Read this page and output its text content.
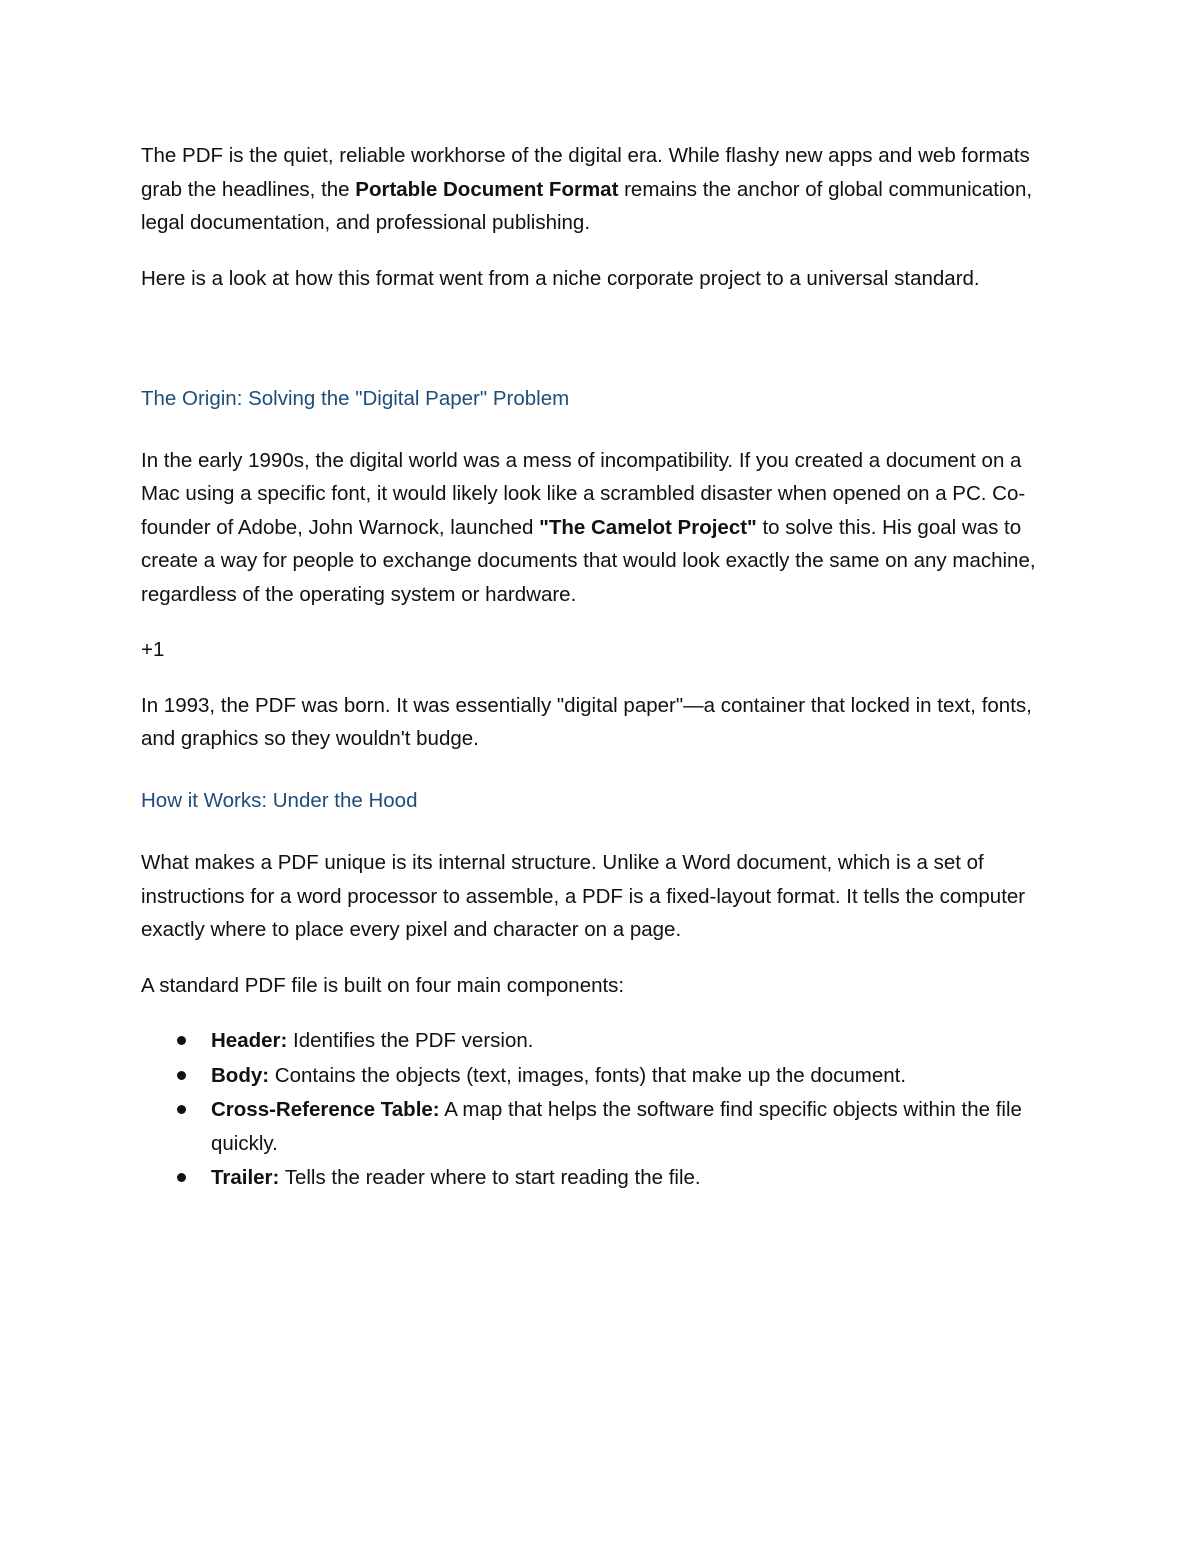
The PDF is the quiet, reliable workhorse of the digital era. While flashy new apps and web formats grab the headlines, the Portable Document Format remains the anchor of global communication, legal documentation, and professional publishing.

Here is a look at how this format went from a niche corporate project to a universal standard.

The Origin: Solving the "Digital Paper" Problem

In the early 1990s, the digital world was a mess of incompatibility. If you created a document on a Mac using a specific font, it would likely look like a scrambled disaster when opened on a PC. Co-founder of Adobe, John Warnock, launched "The Camelot Project" to solve this. His goal was to create a way for people to exchange documents that would look exactly the same on any machine, regardless of the operating system or hardware.

+1

In 1993, the PDF was born. It was essentially "digital paper"—a container that locked in text, fonts, and graphics so they wouldn't budge.

How it Works: Under the Hood

What makes a PDF unique is its internal structure. Unlike a Word document, which is a set of instructions for a word processor to assemble, a PDF is a fixed-layout format. It tells the computer exactly where to place every pixel and character on a page.

A standard PDF file is built on four main components:

Header: Identifies the PDF version.
Body: Contains the objects (text, images, fonts) that make up the document.
Cross-Reference Table: A map that helps the software find specific objects within the file quickly.
Trailer: Tells the reader where to start reading the file.
